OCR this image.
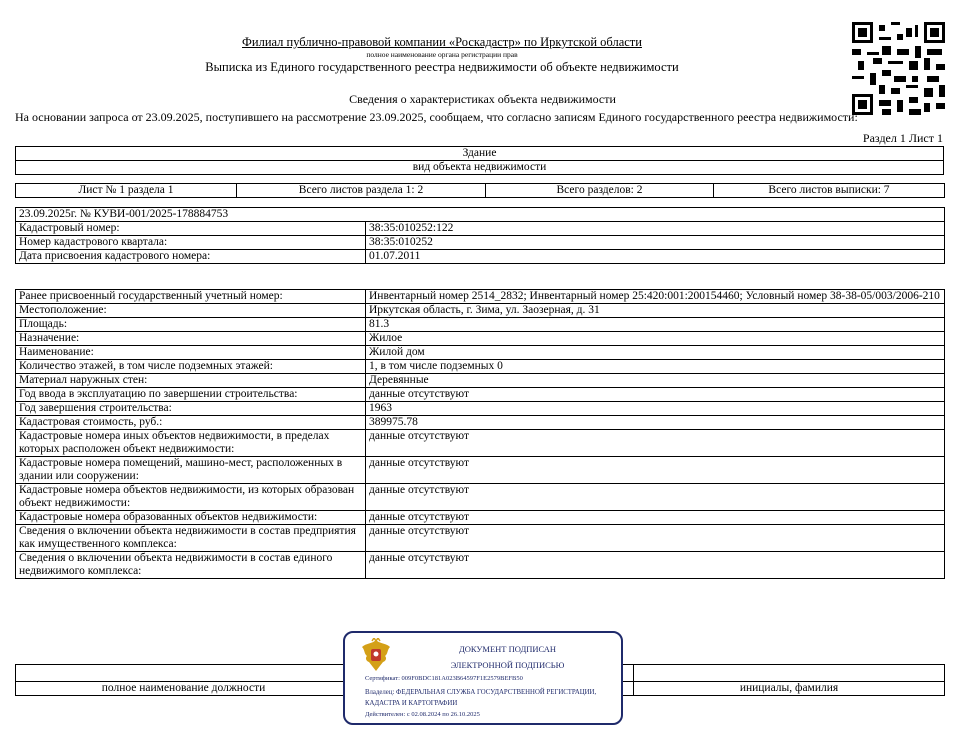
Филиал публично-правовой компании «Роскадастр» по Иркутской области
полное наименование органа регистрации прав
Выписка из Единого государственного реестра недвижимости об объекте недвижимости
Сведения о характеристиках объекта недвижимости
На основании запроса от 23.09.2025, поступившего на рассмотрение 23.09.2025, сообщаем, что согласно записям Единого государственного реестра недвижимости:
Раздел 1 Лист 1
Здание
вид объекта недвижимости
Лист № 1 раздела 1	Всего листов раздела 1: 2	Всего разделов: 2	Всего листов выписки: 7
23.09.2025г. № КУВИ-001/2025-178884753	
Кадастровый номер:	38:35:010252:122
Номер кадастрового квартала:	38:35:010252
Дата присвоения кадастрового номера:	01.07.2011
Ранее присвоенный государственный учетный номер:	Инвентарный номер 2514_2832; Инвентарный номер 25:420:001:200154460; Условный номер 38-38-05/003/2006-210
Местоположение:	Иркутская область, г. Зима, ул. Заозерная, д. 31
Площадь:	81.3
Назначение:	Жилое
Наименование:	Жилой дом
Количество этажей, в том числе подземных этажей:	1, в том числе подземных 0
Материал наружных стен:	Деревянные
Год ввода в эксплуатацию по завершении строительства:	данные отсутствуют
Год завершения строительства:	1963
Кадастровая стоимость, руб.:	389975.78
Кадастровые номера иных объектов недвижимости, в пределах которых расположен объект недвижимости:	данные отсутствуют
Кадастровые номера помещений, машино-мест, расположенных в здании или сооружении:	данные отсутствуют
Кадастровые номера объектов недвижимости, из которых образован объект недвижимости:	данные отсутствуют
Кадастровые номера образованных объектов недвижимости:	данные отсутствуют
Сведения о включении объекта недвижимости в состав предприятия как имущественного комплекса:	данные отсутствуют
Сведения о включении объекта недвижимости в состав единого недвижимого комплекса:	данные отсутствуют

полное наименование должности		инициалы, фамилия
ДОКУМЕНТ ПОДПИСАН
ЭЛЕКТРОННОЙ ПОДПИСЬЮ
Сертификат: 009F0BDC181A023B64597F1E2579BEFB50
Владелец: ФЕДЕРАЛЬНАЯ СЛУЖБА ГОСУДАРСТВЕННОЙ РЕГИСТРАЦИИ, КАДАСТРА И КАРТОГРАФИИ
Действителен: с 02.08.2024 по 26.10.2025
